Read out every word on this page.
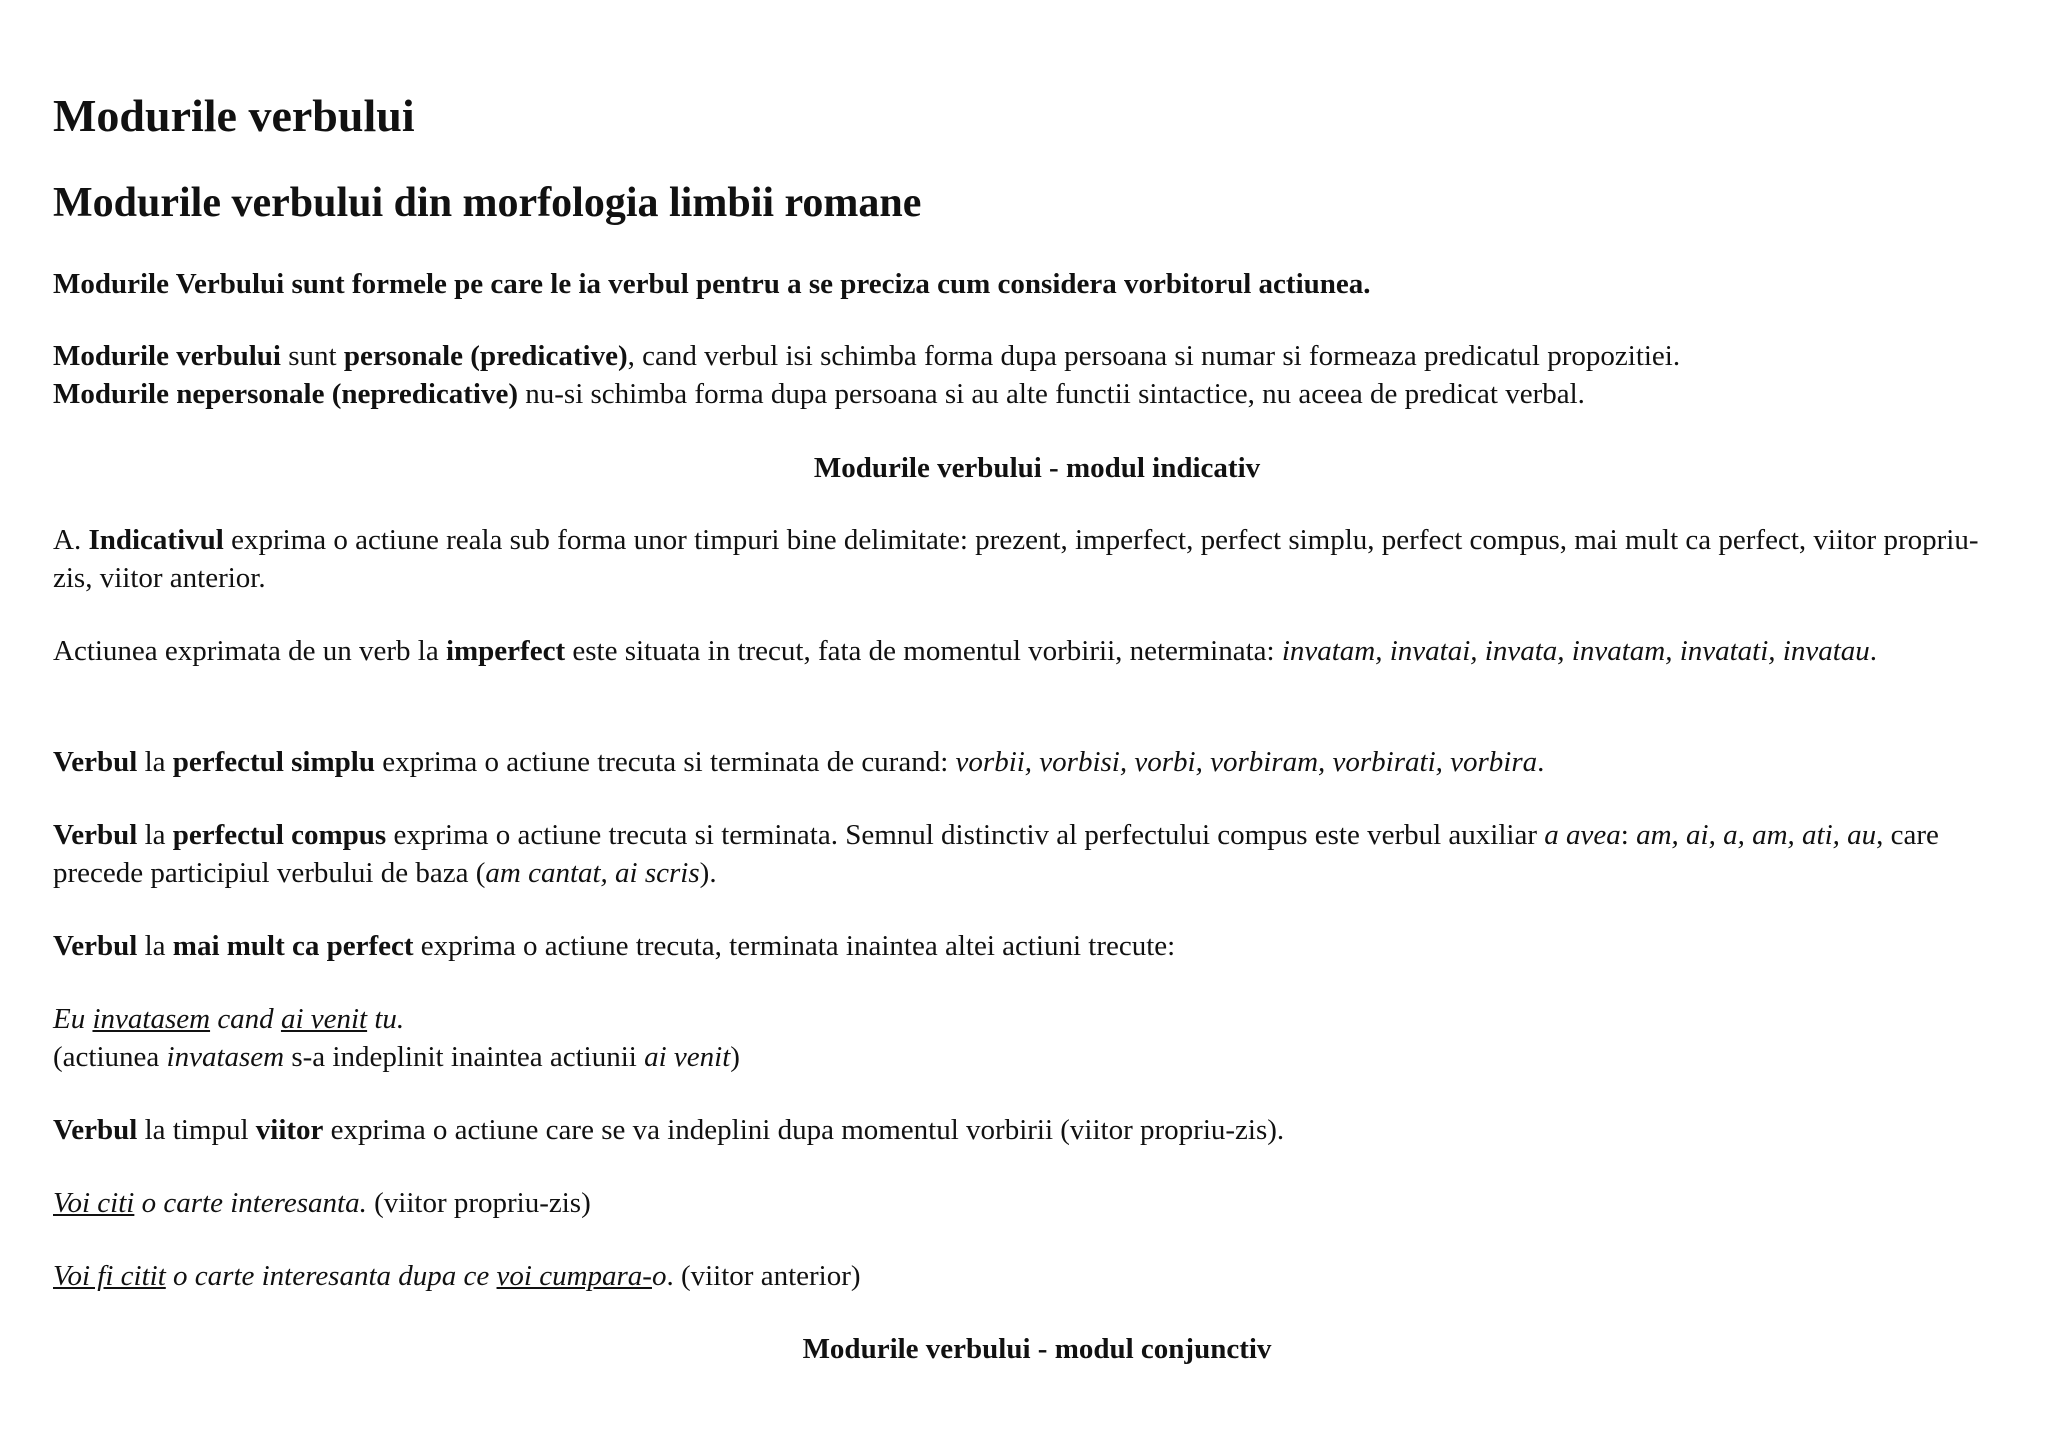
Modurile verbului
Modurile verbului din morfologia limbii romane

Modurile Verbului sunt formele pe care le ia verbul pentru a se preciza cum considera vorbitorul actiunea.

Modurile verbului sunt personale (predicative), cand verbul isi schimba forma dupa persoana si numar si formeaza predicatul propozitiei.

Modurile nepersonale (nepredicative) nu-si schimba forma dupa persoana si au alte functii sintactice, nu aceea de predicat verbal.

Modurile verbului - modul indicativ

A. Indicativul exprima o actiune reala sub forma unor timpuri bine delimitate: prezent, imperfect, perfect simplu, perfect compus, mai mult ca perfect, viitor propriu-zis, viitor anterior.

Actiunea exprimata de un verb la imperfect este situata in trecut, fata de momentul vorbirii, neterminata: invatam, invatai, invata, invatam, invatati, invatau.

Verbul la perfectul simplu exprima o actiune trecuta si terminata de curand: vorbii, vorbisi, vorbi, vorbiram, vorbirati, vorbira.

Verbul la perfectul compus exprima o actiune trecuta si terminata. Semnul distinctiv al perfectului compus este verbul auxiliar a avea: am, ai, a, am, ati, au, care precede participiul verbului de baza (am cantat, ai scris).

Verbul la mai mult ca perfect exprima o actiune trecuta, terminata inaintea altei actiuni trecute:

Eu invatasem cand ai venit tu.

(actiunea invatasem s-a indeplinit inaintea actiunii ai venit)

Verbul la timpul viitor exprima o actiune care se va indeplini dupa momentul vorbirii (viitor propriu-zis).

Voi citi o carte interesanta. (viitor propriu-zis)

Voi fi citit o carte interesanta dupa ce voi cumpara-o. (viitor anterior)

Modurile verbului - modul conjunctiv
